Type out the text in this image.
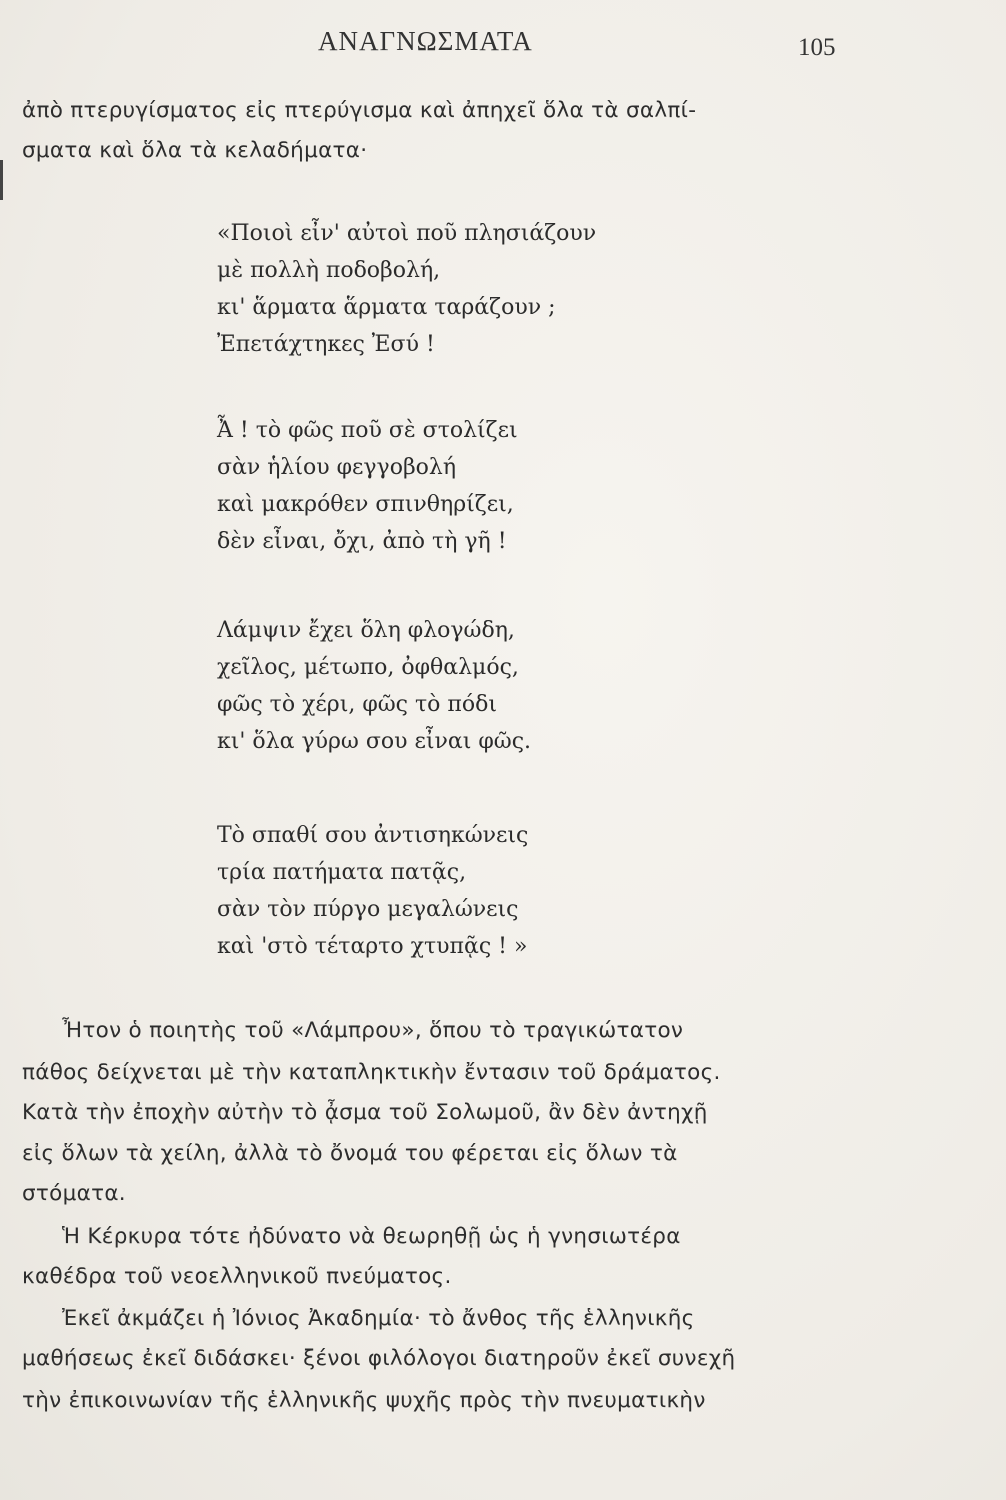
ΑΝΑΓΝΩΣΜΑΤΑ	105
ἀπὸ πτερυγίσματος εἰς πτερύγισμα καὶ ἀπηχεῖ ὅλα τὰ σαλπί-
σματα καὶ ὅλα τὰ κελαδήματα·
«Ποιοὶ εἶν' αὐτοὶ ποῦ πλησιάζουν
μὲ πολλὴ ποδοβολή,
κι' ἅρματα ἅρματα ταράζουν ;
Ἐπετάχτηκες Ἐσύ !
Ἆ ! τὸ φῶς ποῦ σὲ στολίζει
σὰν ἡλίου φεγγοβολή
καὶ μακρόθεν σπινθηρίζει,
δὲν εἶναι, ὄχι, ἀπὸ τὴ γῆ !
Λάμψιν ἔχει ὅλη φλογώδη,
χεῖλος, μέτωπο, ὀφθαλμός,
φῶς τὸ χέρι, φῶς τὸ πόδι
κι' ὅλα γύρω σου εἶναι φῶς.
Τὸ σπαθί σου ἀντισηκώνεις
τρία πατήματα πατᾷς,
σὰν τὸν πύργο μεγαλώνεις
καὶ 'στὸ τέταρτο χτυπᾷς ! »
Ἦτον ὁ ποιητὴς τοῦ «Λάμπρου», ὅπου τὸ τραγικώτατον
πάθος δείχνεται μὲ τὴν καταπληκτικὴν ἔντασιν τοῦ δράματος.
Κατὰ τὴν ἐποχὴν αὐτὴν τὸ ᾆσμα τοῦ Σολωμοῦ, ἂν δὲν ἀντηχῇ
εἰς ὅλων τὰ χείλη, ἀλλὰ τὸ ὄνομά του φέρεται εἰς ὅλων τὰ
στόματα.
Ἡ Κέρκυρα τότε ἠδύνατο νὰ θεωρηθῇ ὡς ἡ γνησιωτέρα
καθέδρα τοῦ νεοελληνικοῦ πνεύματος.
Ἐκεῖ ἀκμάζει ἡ Ἰόνιος Ἀκαδημία· τὸ ἄνθος τῆς ἑλληνικῆς
μαθήσεως ἐκεῖ διδάσκει· ξένοι φιλόλογοι διατηροῦν ἐκεῖ συνεχῆ
τὴν ἐπικοινωνίαν τῆς ἑλληνικῆς ψυχῆς πρὸς τὴν πνευματικὴν
